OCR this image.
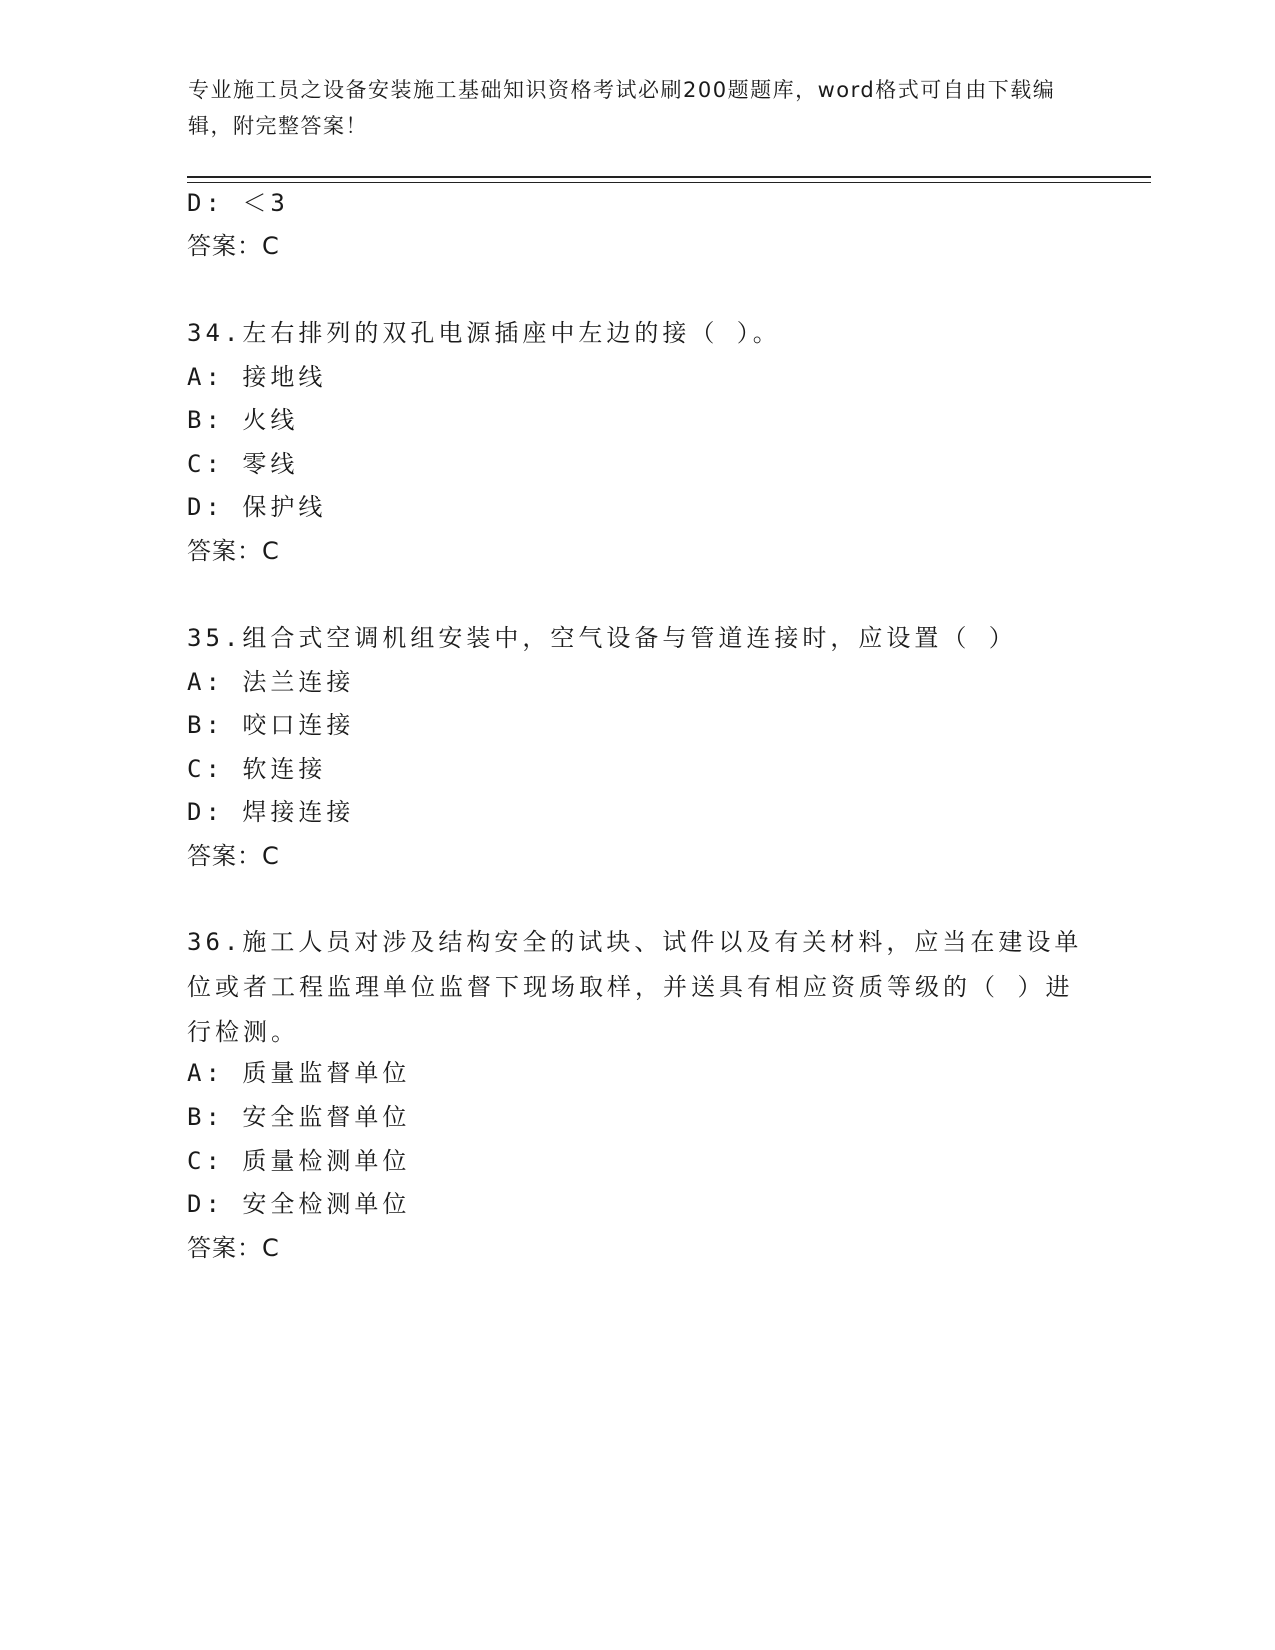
专业施工员之设备安装施工基础知识资格考试必刷200题题库，word格式可自由下载编辑，附完整答案！
D: ＜3
答案：C
34.左右排列的双孔电源插座中左边的接（ ）。
A: 接地线
B: 火线
C: 零线
D: 保护线
答案：C
35.组合式空调机组安装中，空气设备与管道连接时，应设置（ ）
A: 法兰连接
B: 咬口连接
C: 软连接
D: 焊接连接
答案：C
36.施工人员对涉及结构安全的试块、试件以及有关材料，应当在建设单位或者工程监理单位监督下现场取样，并送具有相应资质等级的（ ）进行检测。
A: 质量监督单位
B: 安全监督单位
C: 质量检测单位
D: 安全检测单位
答案：C
